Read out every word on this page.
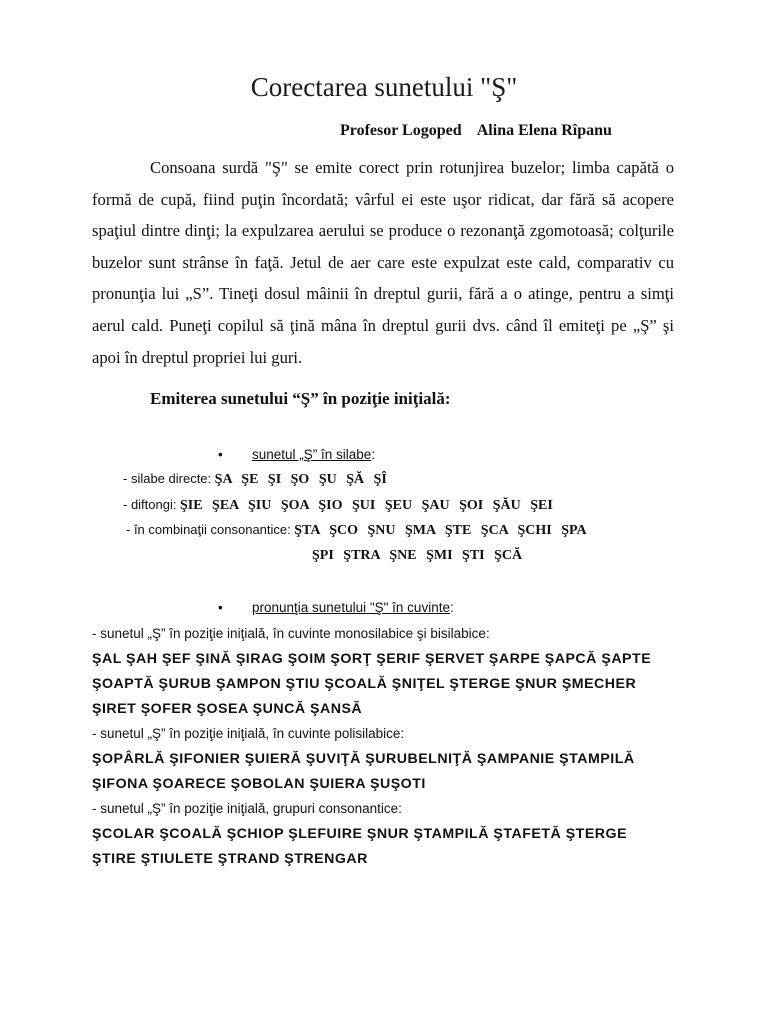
Corectarea sunetului "Ş"
Profesor Logoped    Alina Elena Rîpanu

Consoana surdă "Ş" se emite corect prin rotunjirea buzelor; limba capătă o formă de cupă, fiind puţin încordată; vârful ei este uşor ridicat, dar fără să acopere spaţiul dintre dinţi; la expulzarea aerului se produce o rezonanţă zgomotoasă; colţurile buzelor sunt strânse în faţă. Jetul de aer care este expulzat este cald, comparativ cu pronunţia lui „S”. Tineţi dosul mâinii în dreptul gurii, fără a o atinge, pentru a simţi aerul cald. Puneţi copilul să ţină mâna în dreptul gurii dvs. când îl emiteţi pe „Ş” şi apoi în dreptul propriei lui guri.

Emiterea sunetului “Ş” în poziţie iniţială:
• sunetul „Ş” în silabe:
- silabe directe: ŞA ŞE ŞI ŞO ŞU ŞĂ ŞÎ
- diftongi: ŞIE ŞEA ŞIU ŞOA ŞIO ŞUI ŞEU ŞAU ŞOI ŞĂU ŞEI
- în combinaţii consonantice: ŞTA ŞCO ŞNU ŞMA ŞTE ŞCA ŞCHI ŞPA
ŞPI ŞTRA ŞNE ŞMI ŞTI ŞCĂ
• pronunţia sunetului "Ş" în cuvinte:
- sunetul „Ş” în poziţie iniţială, în cuvinte monosilabice şi bisilabice:
ŞAL ŞAH ŞEF ŞINĂ ŞIRAG ŞOIM ŞORŢ ŞERIF ŞERVET ŞARPE ŞAPCĂ ŞAPTE
ŞOAPTĂ ŞURUB ŞAMPON ŞTIU ŞCOALĂ ŞNIŢEL ŞTERGE ŞNUR ŞMECHER
ŞIRET ŞOFER ŞOSEA ŞUNCĂ ŞANSĂ
- sunetul „Ş” în poziţie iniţială, în cuvinte polisilabice:
ŞOPÂRLĂ ŞIFONIER ŞUIERĂ ŞUVIŢĂ ŞURUBELNIŢĂ ŞAMPANIE ŞTAMPILĂ
ŞIFONA ŞOARECE ŞOBOLAN ŞUIERA ŞUŞOTI
- sunetul „Ş” în poziţie iniţială, grupuri consonantice:
ŞCOLAR ŞCOALĂ ŞCHIOP ŞLEFUIRE ŞNUR ŞTAMPILĂ ŞTAFETĂ ŞTERGE
ŞTIRE ŞTIULETE ŞTRAND ŞTRENGAR
